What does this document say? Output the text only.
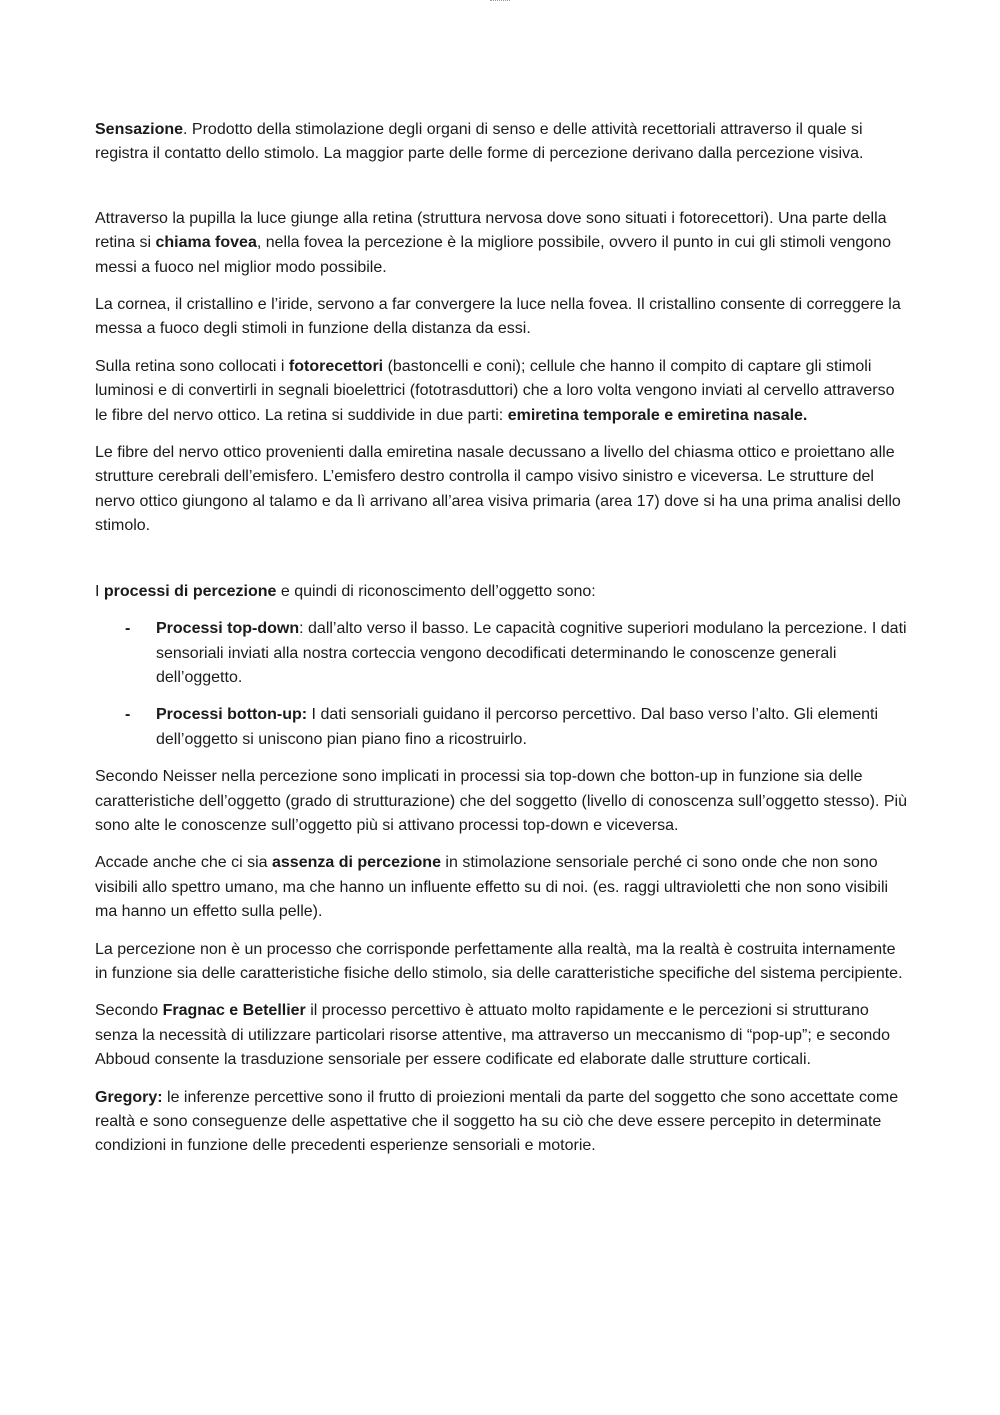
Sensazione. Prodotto della stimolazione degli organi di senso e delle attività recettoriali attraverso il quale si registra il contatto dello stimolo. La maggior parte delle forme di percezione derivano dalla percezione visiva.

Attraverso la pupilla la luce giunge alla retina (struttura nervosa dove sono situati i fotorecettori). Una parte della retina si chiama fovea, nella fovea la percezione è la migliore possibile, ovvero il punto in cui gli stimoli vengono messi a fuoco nel miglior modo possibile.

La cornea, il cristallino e l’iride, servono a far convergere la luce nella fovea. Il cristallino consente di correggere la messa a fuoco degli stimoli in funzione della distanza da essi.

Sulla retina sono collocati i fotorecettori (bastoncelli e coni); cellule che hanno il compito di captare gli stimoli luminosi e di convertirli in segnali bioelettrici (fototrasduttori) che a loro volta vengono inviati al cervello attraverso le fibre del nervo ottico. La retina si suddivide in due parti: emiretina temporale e emiretina nasale.

Le fibre del nervo ottico provenienti dalla emiretina nasale decussano a livello del chiasma ottico e proiettano alle strutture cerebrali dell’emisfero. L’emisfero destro controlla il campo visivo sinistro e viceversa. Le strutture del nervo ottico giungono al talamo e da lì arrivano all’area visiva primaria (area 17) dove si ha una prima analisi dello stimolo.

I processi di percezione e quindi di riconoscimento dell’oggetto sono:

- Processi top-down: dall’alto verso il basso. Le capacità cognitive superiori modulano la percezione. I dati sensoriali inviati alla nostra corteccia vengono decodificati determinando le conoscenze generali dell’oggetto.
- Processi botton-up: I dati sensoriali guidano il percorso percettivo. Dal baso verso l’alto. Gli elementi dell’oggetto si uniscono pian piano fino a ricostruirlo.

Secondo Neisser nella percezione sono implicati in processi sia top-down che botton-up in funzione sia delle caratteristiche dell’oggetto (grado di strutturazione) che del soggetto (livello di conoscenza sull’oggetto stesso). Più sono alte le conoscenze sull’oggetto più si attivano processi top-down e viceversa.

Accade anche che ci sia assenza di percezione in stimolazione sensoriale perché ci sono onde che non sono visibili allo spettro umano, ma che hanno un influente effetto su di noi. (es. raggi ultravioletti che non sono visibili ma hanno un effetto sulla pelle).

La percezione non è un processo che corrisponde perfettamente alla realtà, ma la realtà è costruita internamente in funzione sia delle caratteristiche fisiche dello stimolo, sia delle caratteristiche specifiche del sistema percipiente.

Secondo Fragnac e Betellier il processo percettivo è attuato molto rapidamente e le percezioni si strutturano senza la necessità di utilizzare particolari risorse attentive, ma attraverso un meccanismo di “pop-up”; e secondo Abboud consente la trasduzione sensoriale per essere codificate ed elaborate dalle strutture corticali.

Gregory: le inferenze percettive sono il frutto di proiezioni mentali da parte del soggetto che sono accettate come realtà e sono conseguenze delle aspettative che il soggetto ha su ciò che deve essere percepito in determinate condizioni in funzione delle precedenti esperienze sensoriali e motorie.
